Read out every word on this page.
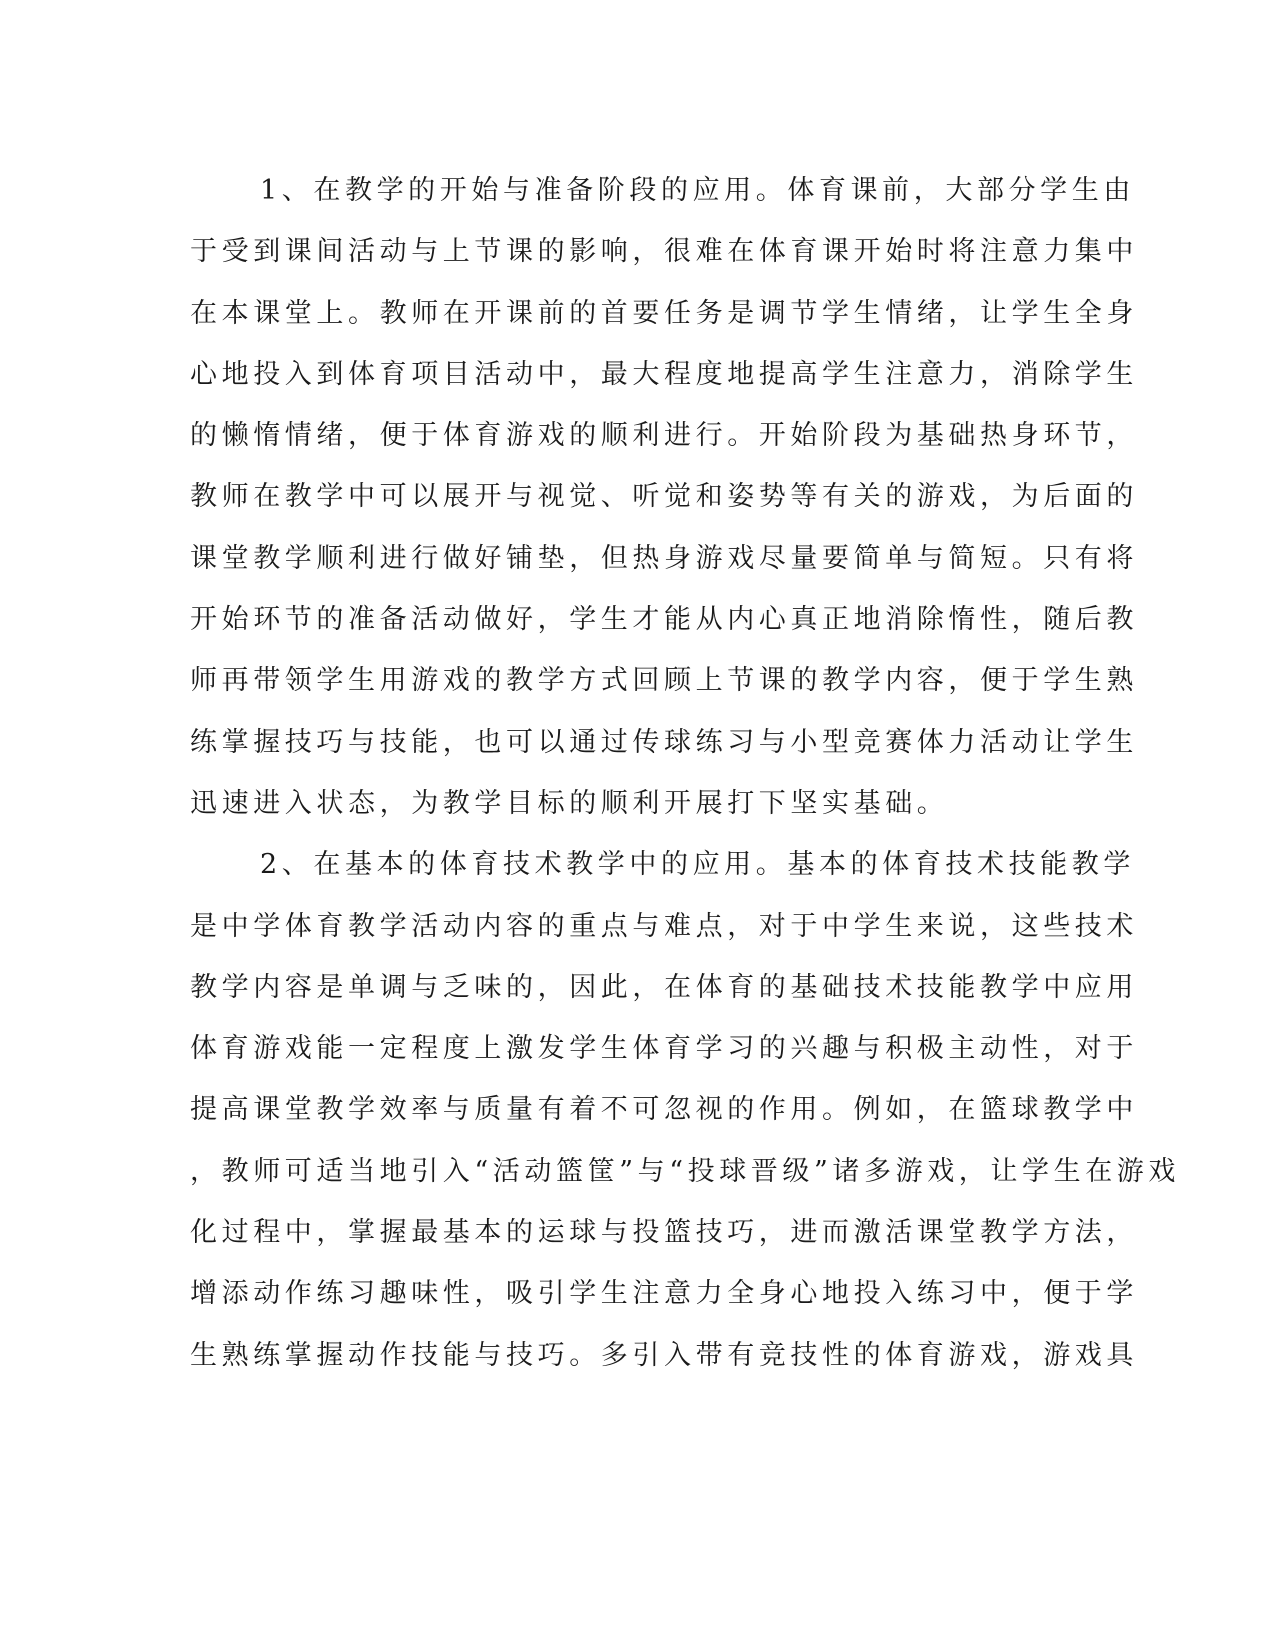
1、在教学的开始与准备阶段的应用。体育课前，大部分学生由
于受到课间活动与上节课的影响，很难在体育课开始时将注意力集中
在本课堂上。教师在开课前的首要任务是调节学生情绪，让学生全身
心地投入到体育项目活动中，最大程度地提高学生注意力，消除学生
的懒惰情绪，便于体育游戏的顺利进行。开始阶段为基础热身环节，
教师在教学中可以展开与视觉、听觉和姿势等有关的游戏，为后面的
课堂教学顺利进行做好铺垫，但热身游戏尽量要简单与简短。只有将
开始环节的准备活动做好，学生才能从内心真正地消除惰性，随后教
师再带领学生用游戏的教学方式回顾上节课的教学内容，便于学生熟
练掌握技巧与技能，也可以通过传球练习与小型竞赛体力活动让学生
迅速进入状态，为教学目标的顺利开展打下坚实基础。
2、在基本的体育技术教学中的应用。基本的体育技术技能教学
是中学体育教学活动内容的重点与难点，对于中学生来说，这些技术
教学内容是单调与乏味的，因此，在体育的基础技术技能教学中应用
体育游戏能一定程度上激发学生体育学习的兴趣与积极主动性，对于
提高课堂教学效率与质量有着不可忽视的作用。例如，在篮球教学中
，教师可适当地引入“活动篮筐”与“投球晋级”诸多游戏，让学生在游戏
化过程中，掌握最基本的运球与投篮技巧，进而激活课堂教学方法，
增添动作练习趣味性，吸引学生注意力全身心地投入练习中，便于学
生熟练掌握动作技能与技巧。多引入带有竞技性的体育游戏，游戏具
